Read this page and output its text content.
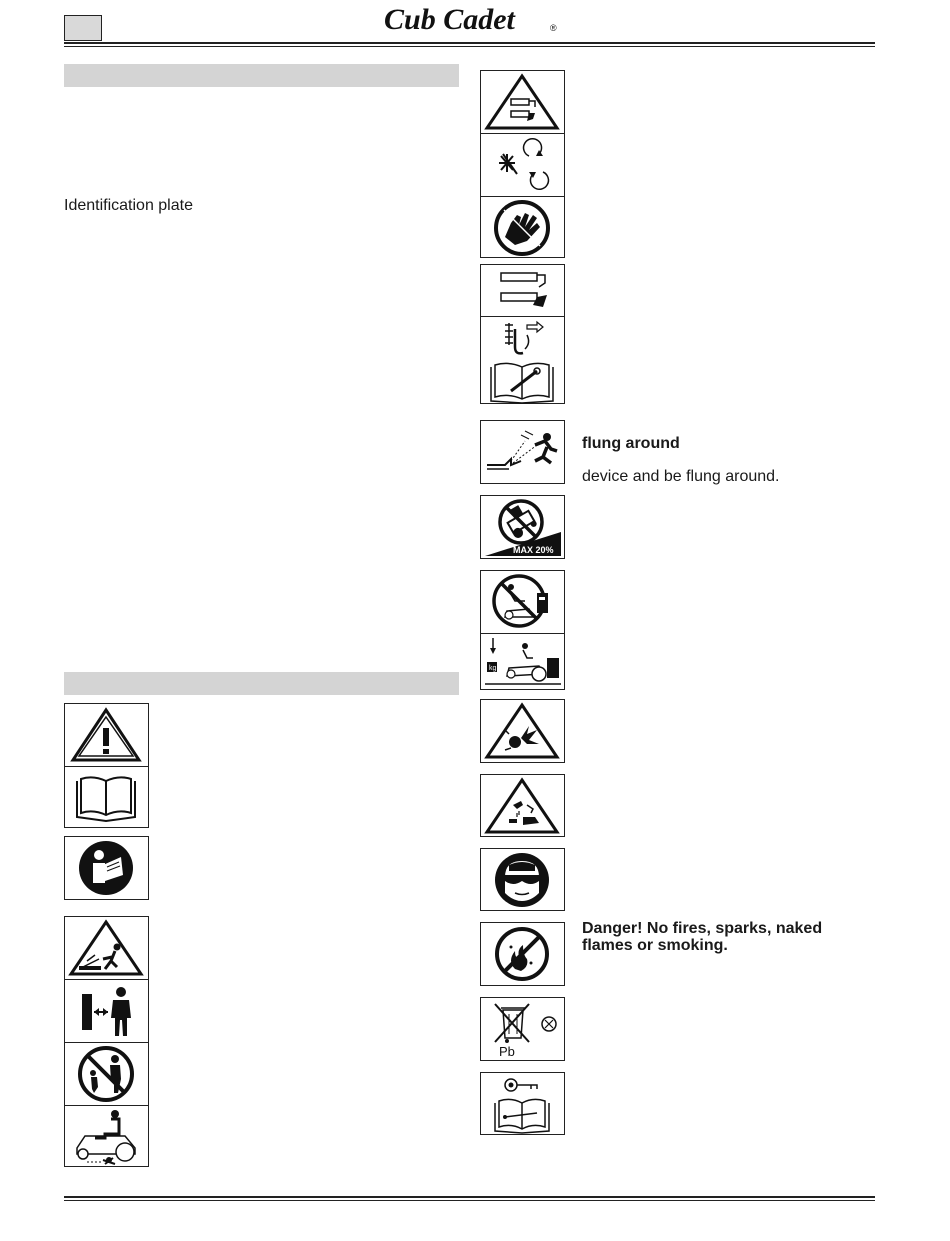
Cub Cadet	®
Identification plate
flung around
device and be flung around.
MAX 20%
kg
Danger! No fires, sparks, naked flames or smoking.
Pb
